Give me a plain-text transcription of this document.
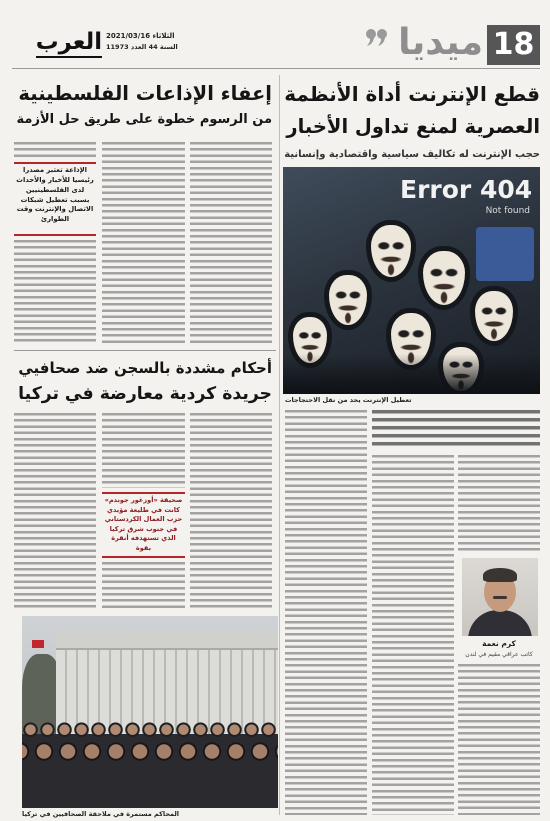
18
ميديا
العرب الثلاثاء 2021/03/16
السنة 44 العدد 11973
قطع الإنترنت أداة الأنظمة
العصرية لمنع تداول الأخبار
حجب الإنترنت له تكاليف سياسية واقتصادية وإنسانية
Error 404
Not found
تعطيل الإنترنت يحد من نقل الاحتجاجات
كرم نعمة
كاتب عراقي مقيم في لندن
إعفاء الإذاعات الفلسطينية
من الرسوم خطوة على طريق حل الأزمة
الإذاعة تعتبر مصدرا رئيسيا للأخبار والأحداث لدى الفلسطينيين بسبب تعطيل شبكات الاتصال والإنترنت وقت الطوارئ
أحكام مشددة بالسجن ضد صحافيي
جريدة كردية معارضة في تركيا
صحيفة «أوزغور جوندم» كانت في طليعة مؤيدي حزب العمال الكردستاني في جنوب شرق تركيا الذي تستهدفه أنقرة بقوة
المحاكم مستمرة في ملاحقة الصحافيين في تركيا
